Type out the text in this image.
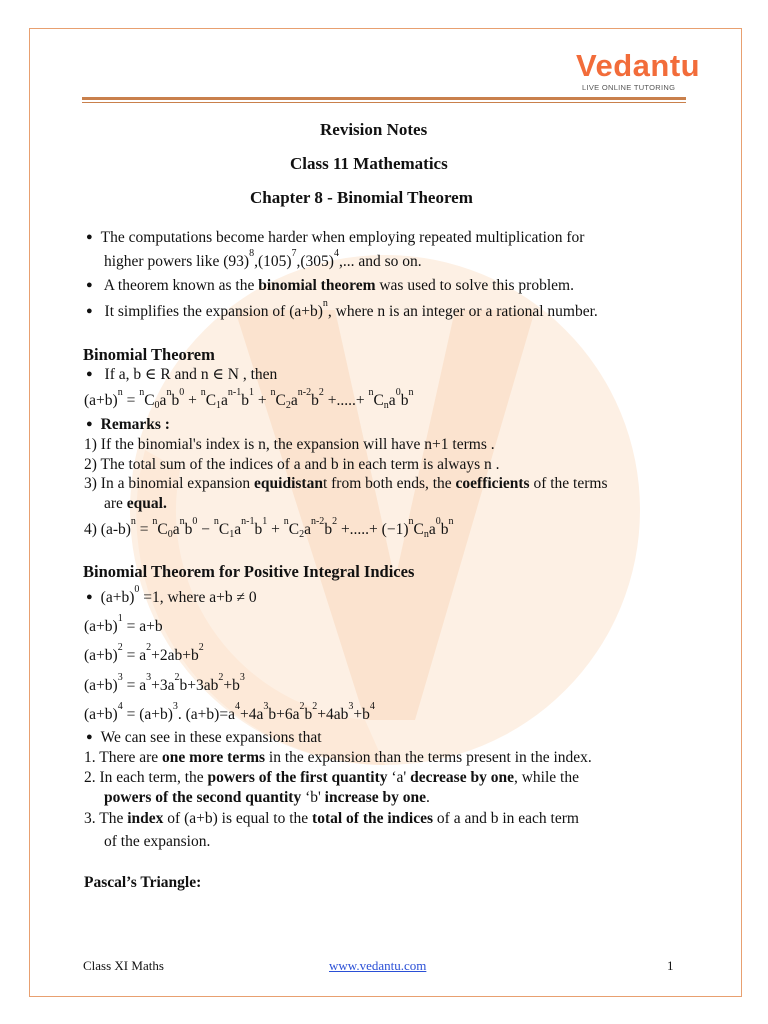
Vedantu
LIVE ONLINE TUTORING
Revision Notes
Class 11 Mathematics
Chapter 8 - Binomial Theorem
● The computations become harder when employing repeated multiplication for
higher powers like $(93)^8,(105)^7,(305)^4$,... and so on.
● A theorem known as the binomial theorem was used to solve this problem.
● It simplifies the expansion of $(a+b)^n$, where n is an integer or a rational number.
Binomial Theorem
● If a, b ∈ R and n ∈ N , then
$(a+b)^n = ^nC_0a^nb^0 + ^nC_1a^{n-1}b^1 + ^nC_2a^{n-2}b^2$ +.....+ $^nC_na^0b^n$
● Remarks :
1) If the binomial's index is n, the expansion will have n+1 terms .
2) The total sum of the indices of a and b in each term is always n .
3) In a binomial expansion equidistant from both ends, the coefficients of the terms
are equal.
4) $(a-b)^n = ^nC_0a^nb^0 - ^nC_1a^{n-1}b^1 + ^nC_2a^{n-2}b^2$ +.....+ $(-1)^nC_na^0b^n$
Binomial Theorem for Positive Integral Indices
● $(a+b)^0 =1$, where a+b ≠ 0
$(a+b)^1 = a+b$
$(a+b)^2 = a^2+2ab+b^2$
$(a+b)^3 = a^3+3a^2b+3ab^2+b^3$
$(a+b)^4 = (a+b)^3$. $(a+b)=a^4+4a^3b+6a^2b^2+4ab^3+b^4$
● We can see in these expansions that
1. There are one more terms in the expansion than the terms present in the index.
2. In each term, the powers of the first quantity ‘a' decrease by one, while the
powers of the second quantity ‘b' increase by one.
3. The index of (a+b) is equal to the total of the indices of a and b in each term
of the expansion.
Pascal’s Triangle:
Class XI Maths	www.vedantu.com	1
